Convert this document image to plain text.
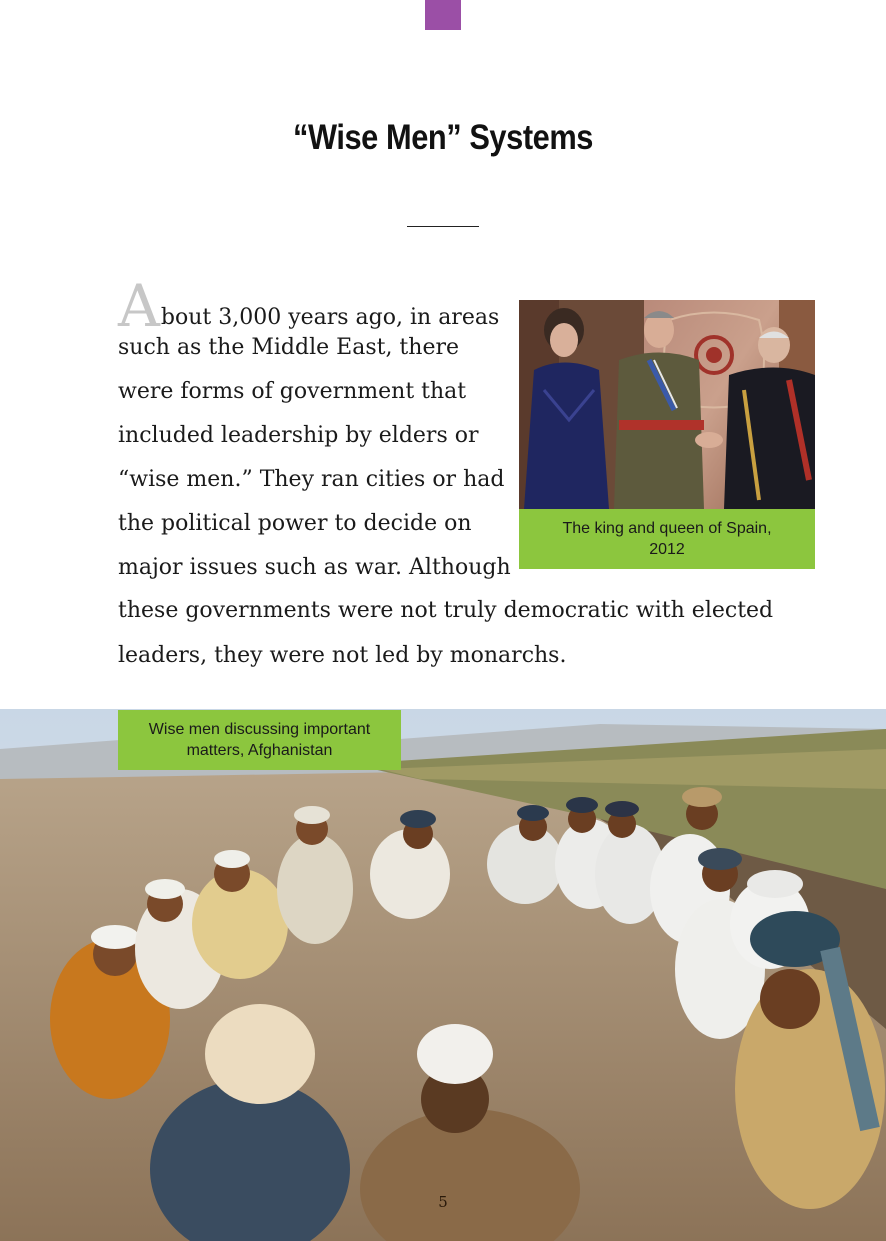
“Wise Men” Systems
About 3,000 years ago, in areas
such as the Middle East, there
were forms of government that
included leadership by elders or
“wise men.” They ran cities or had
the political power to decide on
major issues such as war. Although
these governments were not truly democratic with elected
leaders, they were not led by monarchs.
The king and queen of Spain,
2012
Wise men discussing important
matters, Afghanistan
5
